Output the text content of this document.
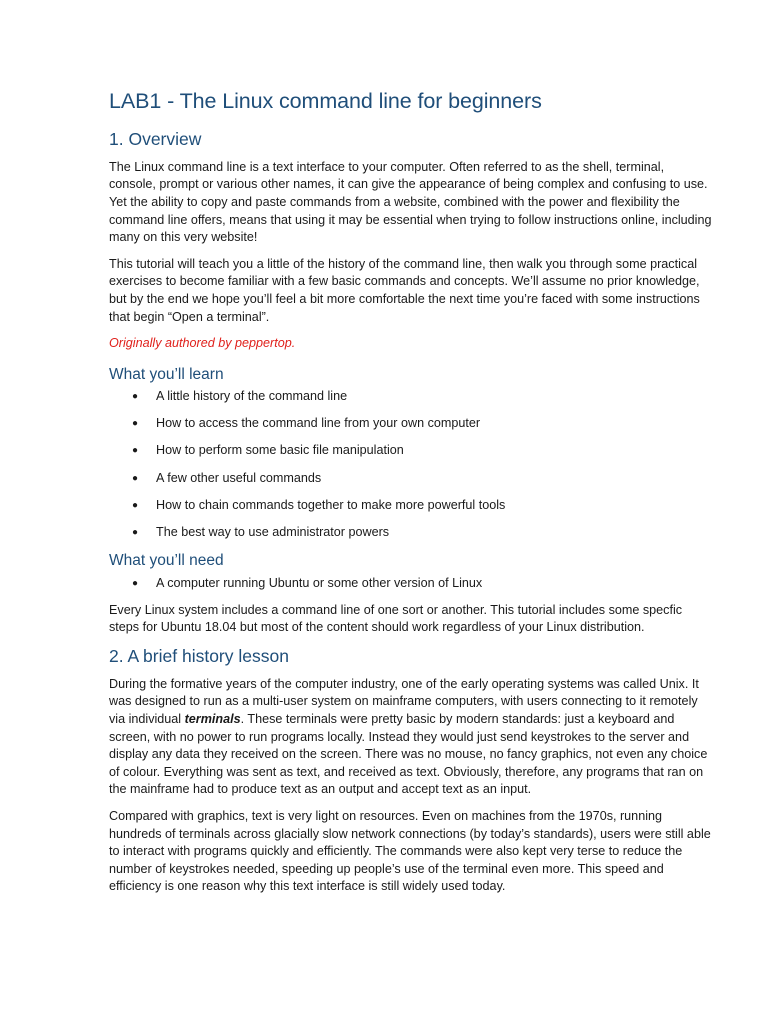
LAB1 - The Linux command line for beginners
1. Overview

The Linux command line is a text interface to your computer. Often referred to as the shell, terminal, console, prompt or various other names, it can give the appearance of being complex and confusing to use. Yet the ability to copy and paste commands from a website, combined with the power and flexibility the command line offers, means that using it may be essential when trying to follow instructions online, including many on this very website!

This tutorial will teach you a little of the history of the command line, then walk you through some practical exercises to become familiar with a few basic commands and concepts. We’ll assume no prior knowledge, but by the end we hope you’ll feel a bit more comfortable the next time you’re faced with some instructions that begin “Open a terminal”.

Originally authored by peppertop.

What you’ll learn
● A little history of the command line
● How to access the command line from your own computer
● How to perform some basic file manipulation
● A few other useful commands
● How to chain commands together to make more powerful tools
● The best way to use administrator powers
What you’ll need
● A computer running Ubuntu or some other version of Linux

Every Linux system includes a command line of one sort or another. This tutorial includes some specfic steps for Ubuntu 18.04 but most of the content should work regardless of your Linux distribution.

2. A brief history lesson

During the formative years of the computer industry, one of the early operating systems was called Unix. It was designed to run as a multi-user system on mainframe computers, with users connecting to it remotely via individual terminals. These terminals were pretty basic by modern standards: just a keyboard and screen, with no power to run programs locally. Instead they would just send keystrokes to the server and display any data they received on the screen. There was no mouse, no fancy graphics, not even any choice of colour. Everything was sent as text, and received as text. Obviously, therefore, any programs that ran on the mainframe had to produce text as an output and accept text as an input.

Compared with graphics, text is very light on resources. Even on machines from the 1970s, running hundreds of terminals across glacially slow network connections (by today’s standards), users were still able to interact with programs quickly and efficiently. The commands were also kept very terse to reduce the number of keystrokes needed, speeding up people’s use of the terminal even more. This speed and efficiency is one reason why this text interface is still widely used today.
